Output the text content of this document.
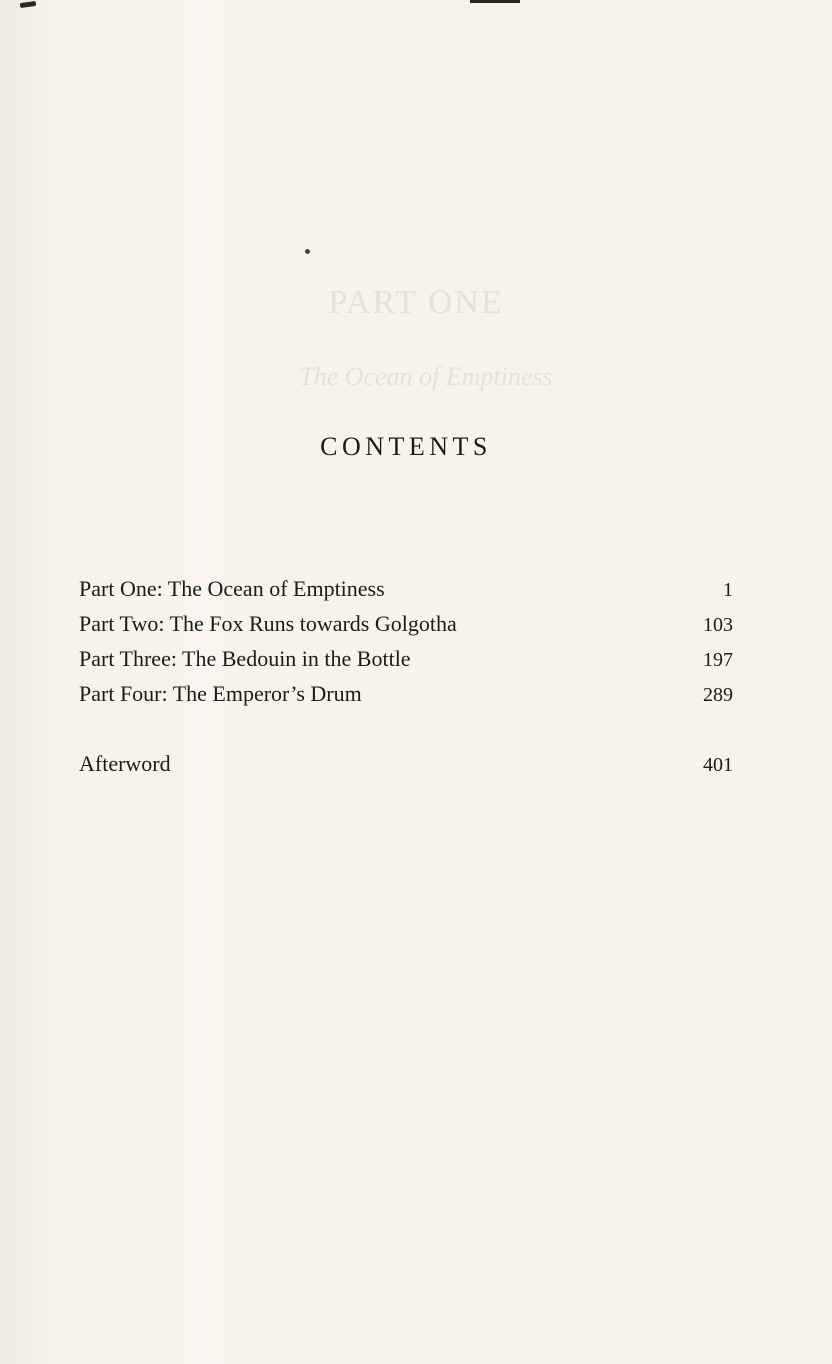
PART ONE
The Ocean of Emptiness
CONTENTS
Part One: The Ocean of Emptiness	1
Part Two: The Fox Runs towards Golgotha	103
Part Three: The Bedouin in the Bottle	197
Part Four: The Emperor’s Drum	289
Afterword	401
